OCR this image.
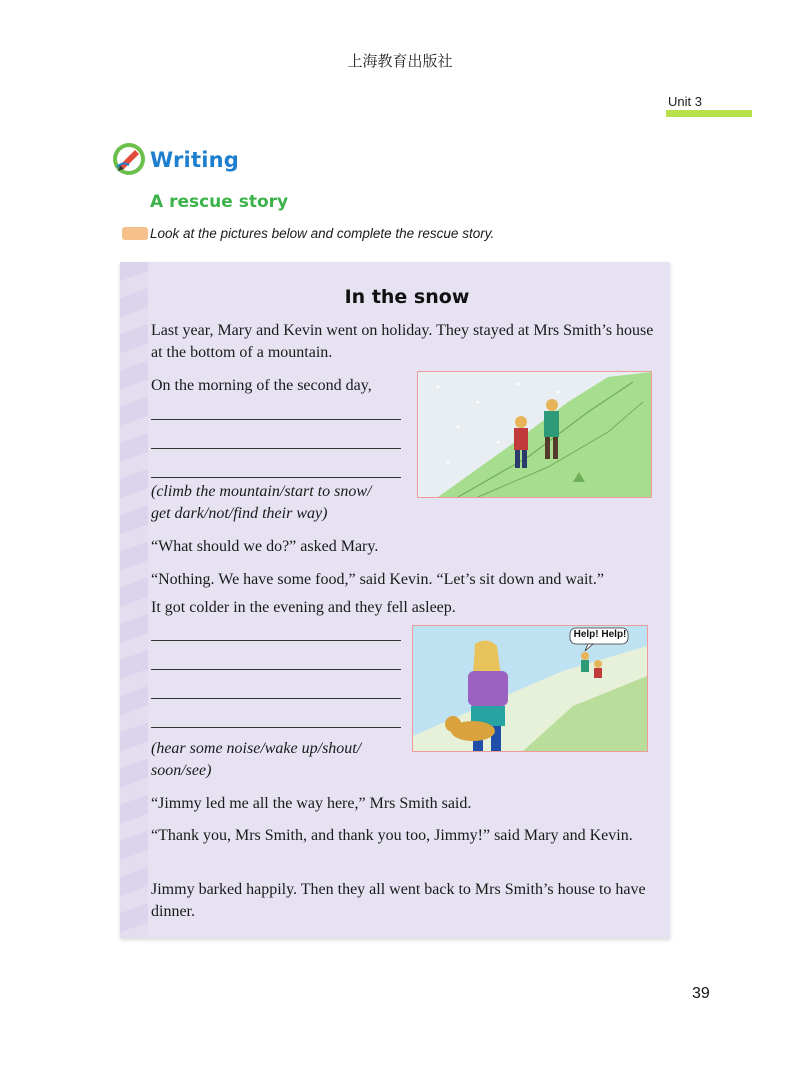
上海教育出版社
Unit 3
Writing
A rescue story
Look at the pictures below and complete the rescue story.
In the snow
Last year, Mary and Kevin went on holiday. They stayed at Mrs Smith’s house at the bottom of a mountain.
On the morning of the second day,
(climb the mountain/start to snow/
get dark/not/find their way)
“What should we do?” asked Mary.
“Nothing. We have some food,” said Kevin. “Let’s sit down and wait.”
It got colder in the evening and they fell asleep.
(hear some noise/wake up/shout/
soon/see)
Help! Help!
“Jimmy led me all the way here,” Mrs Smith said.
“Thank you, Mrs Smith, and thank you too, Jimmy!” said Mary and Kevin.
Jimmy barked happily. Then they all went back to Mrs Smith’s house to have dinner.
39
